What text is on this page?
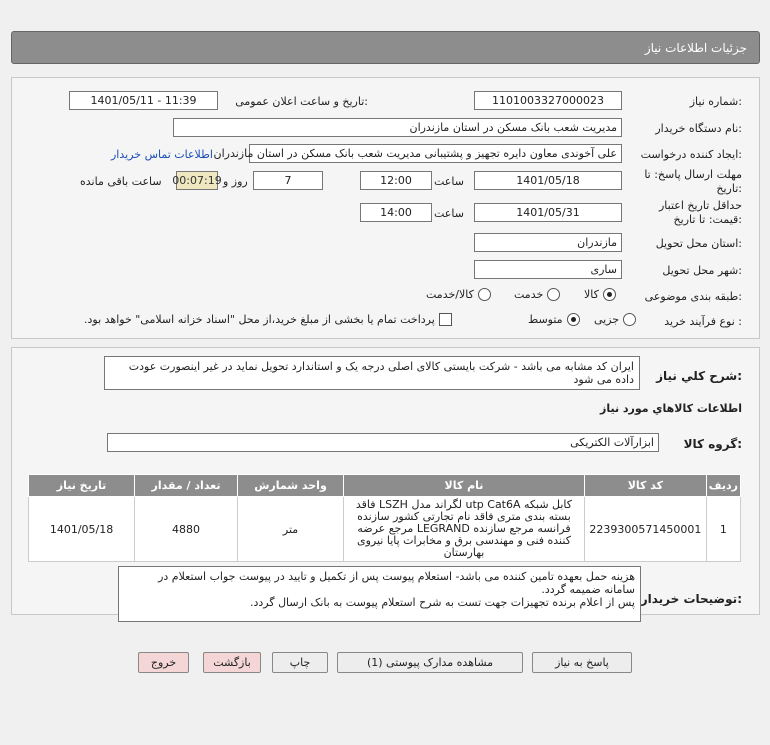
جزئیات اطلاعات نیاز
شماره نیاز:
1101003327000023
تاریخ و ساعت اعلان عمومی:
1401/05/11 - 11:39
نام دستگاه خریدار:
مدیریت شعب بانک مسکن در استان مازندران
ایجاد کننده درخواست:
علی آخوندی معاون دایره تجهیز و پشتیبانی مدیریت شعب بانک مسکن در استان مازندران
اطلاعات تماس خریدار
مهلت ارسال پاسخ: تا
تاریخ:
1401/05/18
ساعت
12:00
7
روز و
00:07:19
ساعت باقی مانده
حداقل تاریخ اعتبار
قیمت: تا تاریخ:
1401/05/31
ساعت
14:00
استان محل تحویل:
مازندران
شهر محل تحویل:
ساری
طبقه بندی موضوعی:
کالا
خدمت
کالا/خدمت
نوع فرآیند خرید :
جزیی
متوسط
پرداخت تمام یا بخشی از مبلغ خرید،از محل "اسناد خزانه اسلامی" خواهد بود.
شرح كلي نياز:
ایران کد مشابه می باشد - شرکت بایستی کالای اصلی درجه یک و استاندارد تحویل نماید در غیر اینصورت عودت داده می شود
اطلاعات كالاهاي مورد نياز
گروه کالا:
ابزارآلات الکتریکی
ردیف	کد کالا	نام کالا	واحد شمارش	تعداد / مقدار	تاریخ نیاز
1	2239300571450001	کابل شبکه utp Cat6A لگراند مدل LSZH فاقد بسته بندی متری فاقد نام تجارتی کشور سازنده فرانسه مرجع سازنده LEGRAND مرجع عرضه کننده فنی و مهندسی برق و مخابرات پایا نیروی بهارستان	متر	4880	1401/05/18
توضیحات خریدار:
هزینه حمل بعهده تامین کننده می باشد- استعلام پیوست پس از تکمیل و تایید در پیوست جواب استعلام در سامانه ضمیمه گردد.
پس از اعلام برنده تجهیزات جهت تست به شرح استعلام پیوست به بانک ارسال گردد.
پاسخ به نیاز
مشاهده مدارک پیوستی (1)
چاپ
بازگشت
خروج
